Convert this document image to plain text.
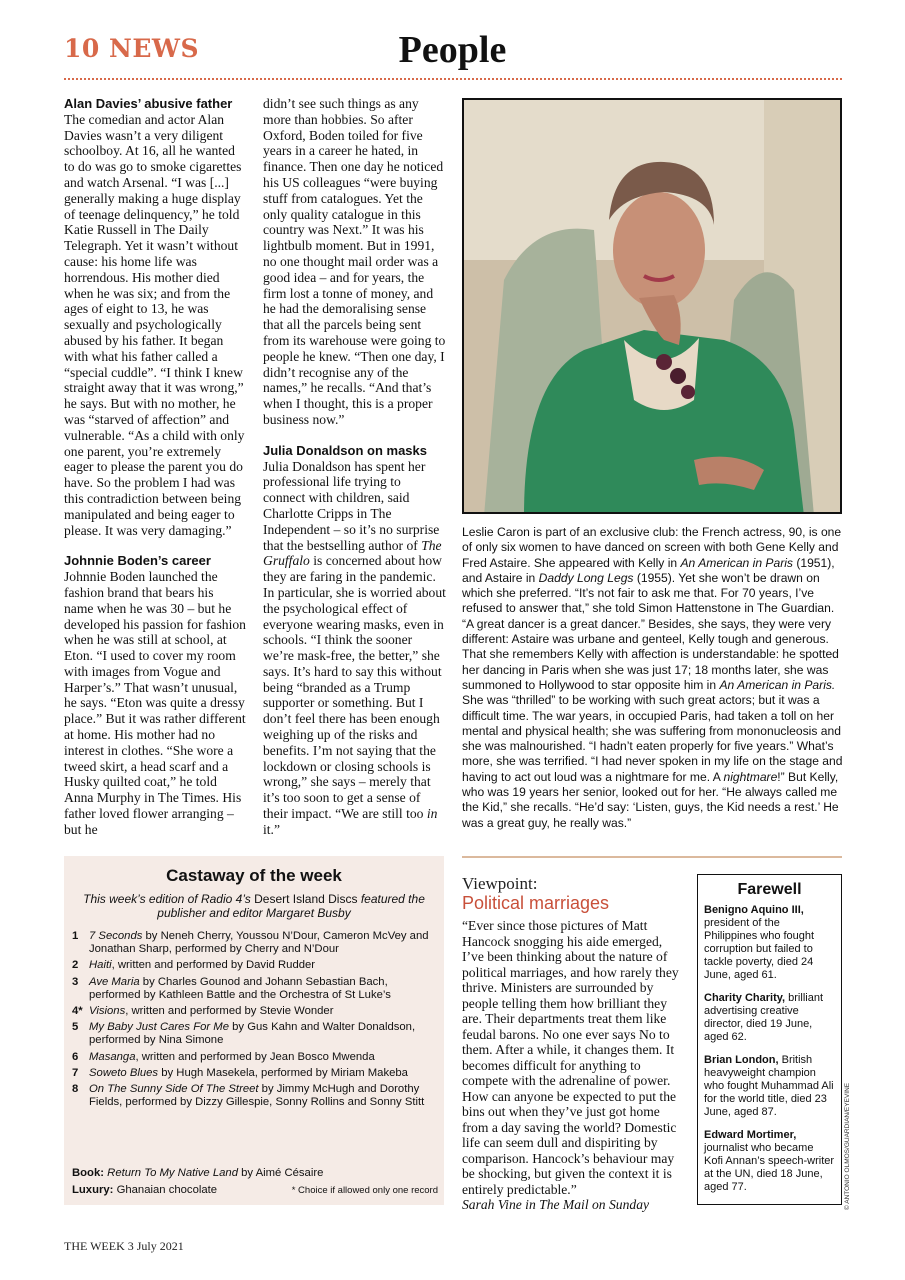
10 NEWS	People
Alan Davies’ abusive father

The comedian and actor Alan Davies wasn’t a very diligent schoolboy. At 16, all he wanted to do was go to smoke cigarettes and watch Arsenal. “I was [...] generally making a huge display of teenage delinquency,” he told Katie Russell in The Daily Telegraph. Yet it wasn’t without cause: his home life was horrendous. His mother died when he was six; and from the ages of eight to 13, he was sexually and psychologically abused by his father. It began with what his father called a “special cuddle”. “I think I knew straight away that it was wrong,” he says. But with no mother, he was “starved of affection” and vulnerable. “As a child with only one parent, you’re extremely eager to please the parent you do have. So the problem I had was this contradiction between being manipulated and being eager to please. It was very damaging.”

Johnnie Boden’s career

Johnnie Boden launched the fashion brand that bears his name when he was 30 – but he developed his passion for fashion when he was still at school, at Eton. “I used to cover my room with images from Vogue and Harper’s.” That wasn’t unusual, he says. “Eton was quite a dressy place.” But it was rather different at home. His mother had no interest in clothes. “She wore a tweed skirt, a head scarf and a Husky quilted coat,” he told Anna Murphy in The Times. His father loved flower arranging – but he

didn’t see such things as any more than hobbies. So after Oxford, Boden toiled for five years in a career he hated, in finance. Then one day he noticed his US colleagues “were buying stuff from catalogues. Yet the only quality catalogue in this country was Next.” It was his lightbulb moment. But in 1991, no one thought mail order was a good idea – and for years, the firm lost a tonne of money, and he had the demoralising sense that all the parcels being sent from its warehouse were going to people he knew. “Then one day, I didn’t recognise any of the names,” he recalls. “And that’s when I thought, this is a proper business now.”

Julia Donaldson on masks

Julia Donaldson has spent her professional life trying to connect with children, said Charlotte Cripps in The Independent – so it’s no surprise that the bestselling author of The Gruffalo is concerned about how they are faring in the pandemic. In particular, she is worried about the psychological effect of everyone wearing masks, even in schools. “I think the sooner we’re mask-free, the better,” she says. It’s hard to say this without being “branded as a Trump supporter or something. But I don’t feel there has been enough weighing up of the risks and benefits. I’m not saying that the lockdown or closing schools is wrong,” she says – merely that it’s too soon to get a sense of their impact. “We are still too in it.”

Leslie Caron is part of an exclusive club: the French actress, 90, is one of only six women to have danced on screen with both Gene Kelly and Fred Astaire. She appeared with Kelly in An American in Paris (1951), and Astaire in Daddy Long Legs (1955). Yet she won’t be drawn on which she preferred. “It’s not fair to ask me that. For 70 years, I’ve refused to answer that,” she told Simon Hattenstone in The Guardian. “A great dancer is a great dancer.” Besides, she says, they were very different: Astaire was urbane and genteel, Kelly tough and generous. That she remembers Kelly with affection is understandable: he spotted her dancing in Paris when she was just 17; 18 months later, she was summoned to Hollywood to star opposite him in An American in Paris. She was “thrilled” to be working with such great actors; but it was a difficult time. The war years, in occupied Paris, had taken a toll on her mental and physical health; she was suffering from mononucleosis and she was malnourished. “I hadn’t eaten properly for five years.” What’s more, she was terrified. “I had never spoken in my life on the stage and having to act out loud was a nightmare for me. A nightmare!” But Kelly, who was 19 years her senior, looked out for her. “He always called me the Kid,” she recalls. “He’d say: ‘Listen, guys, the Kid needs a rest.’ He was a great guy, he really was.”
Castaway of the week
This week’s edition of Radio 4’s Desert Island Discs featured the publisher and editor Margaret Busby
1 7 Seconds by Neneh Cherry, Youssou N’Dour, Cameron McVey and Jonathan Sharp, performed by Cherry and N’Dour
2 Haiti, written and performed by David Rudder
3 Ave Maria by Charles Gounod and Johann Sebastian Bach, performed by Kathleen Battle and the Orchestra of St Luke’s
4* Visions, written and performed by Stevie Wonder
5 My Baby Just Cares For Me by Gus Kahn and Walter Donaldson, performed by Nina Simone
6 Masanga, written and performed by Jean Bosco Mwenda
7 Soweto Blues by Hugh Masekela, performed by Miriam Makeba
8 On The Sunny Side Of The Street by Jimmy McHugh and Dorothy Fields, performed by Dizzy Gillespie, Sonny Rollins and Sonny Stitt
Book: Return To My Native Land by Aimé Césaire
Luxury: Ghanaian chocolate	* Choice if allowed only one record
Viewpoint:
Political marriages
“Ever since those pictures of Matt Hancock snogging his aide emerged, I’ve been thinking about the nature of political marriages, and how rarely they thrive. Ministers are surrounded by people telling them how brilliant they are. Their departments treat them like feudal barons. No one ever says No to them. After a while, it changes them. It becomes difficult for anything to compete with the adrenaline of power. How can anyone be expected to put the bins out when they’ve just got home from a day saving the world? Domestic life can seem dull and dispiriting by comparison. Hancock’s behaviour may be shocking, but given the context it is entirely predictable.”
Sarah Vine in The Mail on Sunday
Farewell
Benigno Aquino III, president of the Philippines who fought corruption but failed to tackle poverty, died 24 June, aged 61.
Charity Charity, brilliant advertising creative director, died 19 June, aged 62.
Brian London, British heavyweight champion who fought Muhammad Ali for the world title, died 23 June, aged 87.
Edward Mortimer, journalist who became Kofi Annan’s speech-writer at the UN, died 18 June, aged 77.	© ANTONIO OLMOS/GUARDIAN/EYEVINE
THE WEEK 3 July 2021
